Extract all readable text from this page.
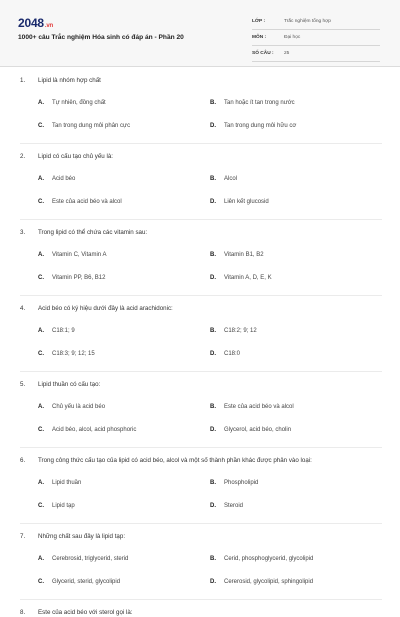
2048.vn
1000+ câu Trắc nghiệm Hóa sinh có đáp án - Phần 20
LỚP :	Trắc nghiệm tổng hợp
MÔN :	Đại học
SỐ CÂU :	25
1.	Lipid là nhóm hợp chất
A.	Tự nhiên, đồng chất	B.	Tan hoặc ít tan trong nước
C.	Tan trong dung môi phân cực	D.	Tan trong dung môi hữu cơ
2.	Lipid có cấu tạo chủ yếu là:
A.	Acid béo	B.	Alcol
C.	Este của acid béo và alcol	D.	Liên kết glucosid
3.	Trong lipid có thể chứa các vitamin sau:
A.	Vitamin C, Vitamin A	B.	Vitamin B1, B2
C.	Vitamin PP, B6, B12	D.	Vitamin A, D, E, K
4.	Acid béo có ký hiệu dưới đây là acid arachidonic:
A.	C18:1; 9	B.	C18:2; 9; 12
C.	C18:3; 9; 12; 15	D.	C18:0
5.	Lipid thuần có cấu tạo:
A.	Chủ yếu là acid béo	B.	Este của acid béo và alcol
C.	Acid béo, alcol, acid phosphoric	D.	Glycerol, acid béo, cholin
6.	Trong công thức cấu tạo của lipid có acid béo, alcol và một số thành phần khác được phân vào loại:
A.	Lipid thuần	B.	Phospholipid
C.	Lipid tạp	D.	Steroid
7.	Những chất sau đây là lipid tạp:
A.	Cerebrosid, triglycerid, sterid	B.	Cerid, phosphoglycerid, glycolipid
C.	Glycerid, sterid, glycolipid	D.	Cererosid, glycolipid, sphingolipid
8.	Este của acid béo với sterol gọi là:
